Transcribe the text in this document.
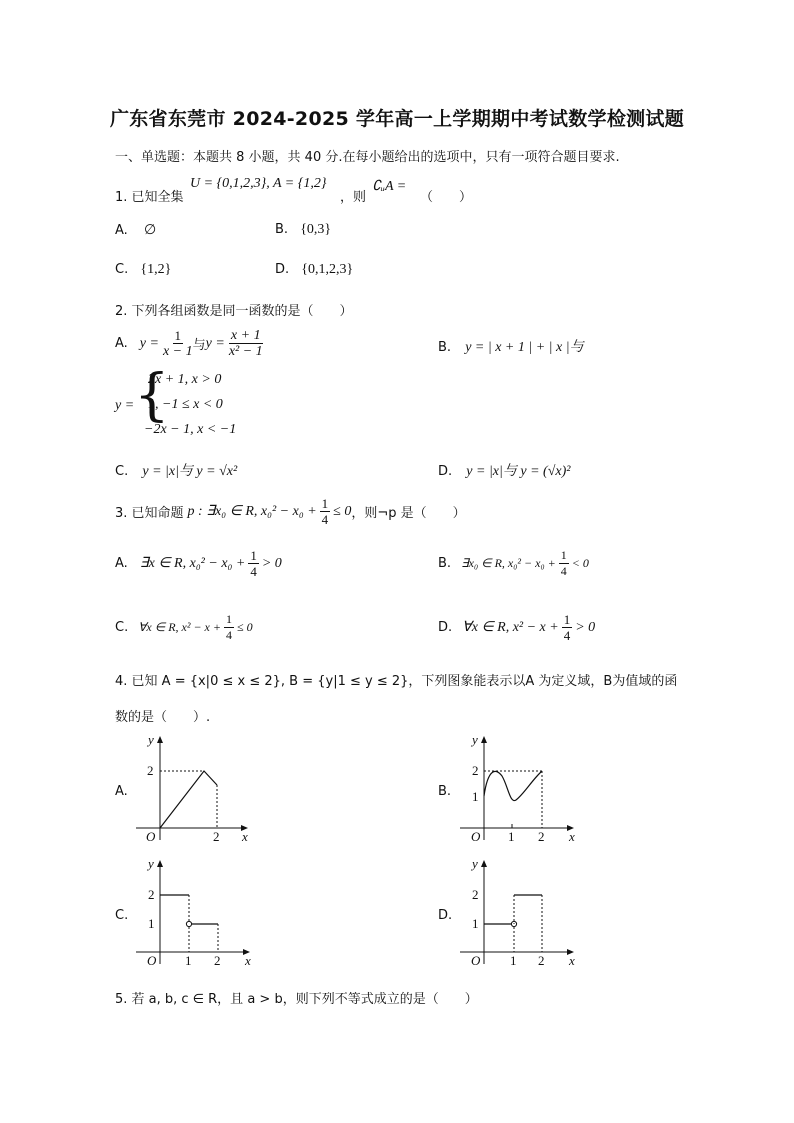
广东省东莞市 2024-2025 学年高一上学期期中考试数学检测试题
一、单选题：本题共 8 小题，共 40 分.在每小题给出的选项中，只有一项符合题目要求.
1. 已知全集
U = {0,1,2,3}, A = {1,2}
，则
∁ᵤA =
（　　）
A. ∅	B. {0,3}
C. {1,2}	D. {0,1,2,3}
2. 下列各组函数是同一函数的是（　　）
A. $y = \frac{1}{x - 1}$ 与 $y = \frac{x + 1}{\text{x² − 1}}$	B. y = | x + 1 | + | x |与
y = {
2x + 1, x > 0
1, −1 ≤ x < 0
−2x − 1, x < −1
C. y = |x|与 y = √x²	D. y = |x|与 y = (√x)²
3. 已知命题 p : ∃x₀ ∈ R, $x_0^2 - x_0 + \frac{1}{4} \le 0$ ，则¬p 是（　　）
A. ∃x ∈ R, $x_0^2 - x_0 + \frac{1}{4} > 0$	B. ∃x₀ ∈ R, $x_0^2 - x_0 + \frac{1}{4} < 0$
C. ∀x ∈ R, $x^2 - x + \frac{1}{4} \le 0$	D. ∀x ∈ R, $x^2 - x + \frac{1}{4} > 0$
4. 已知 A = {x|0 ≤ x ≤ 2}, B = {y|1 ≤ y ≤ 2}，下列图象能表示以A 为定义域，B为值域的函
数的是（　　）.
A.	B.
C.	D.
y
x
O
2
2
y
x
O
2
1
1 2
y
x
O
2
1
1 2
y
x
O
2
1
1 2
5. 若 a, b, c ∈ R，且 a > b，则下列不等式成立的是（　　）
